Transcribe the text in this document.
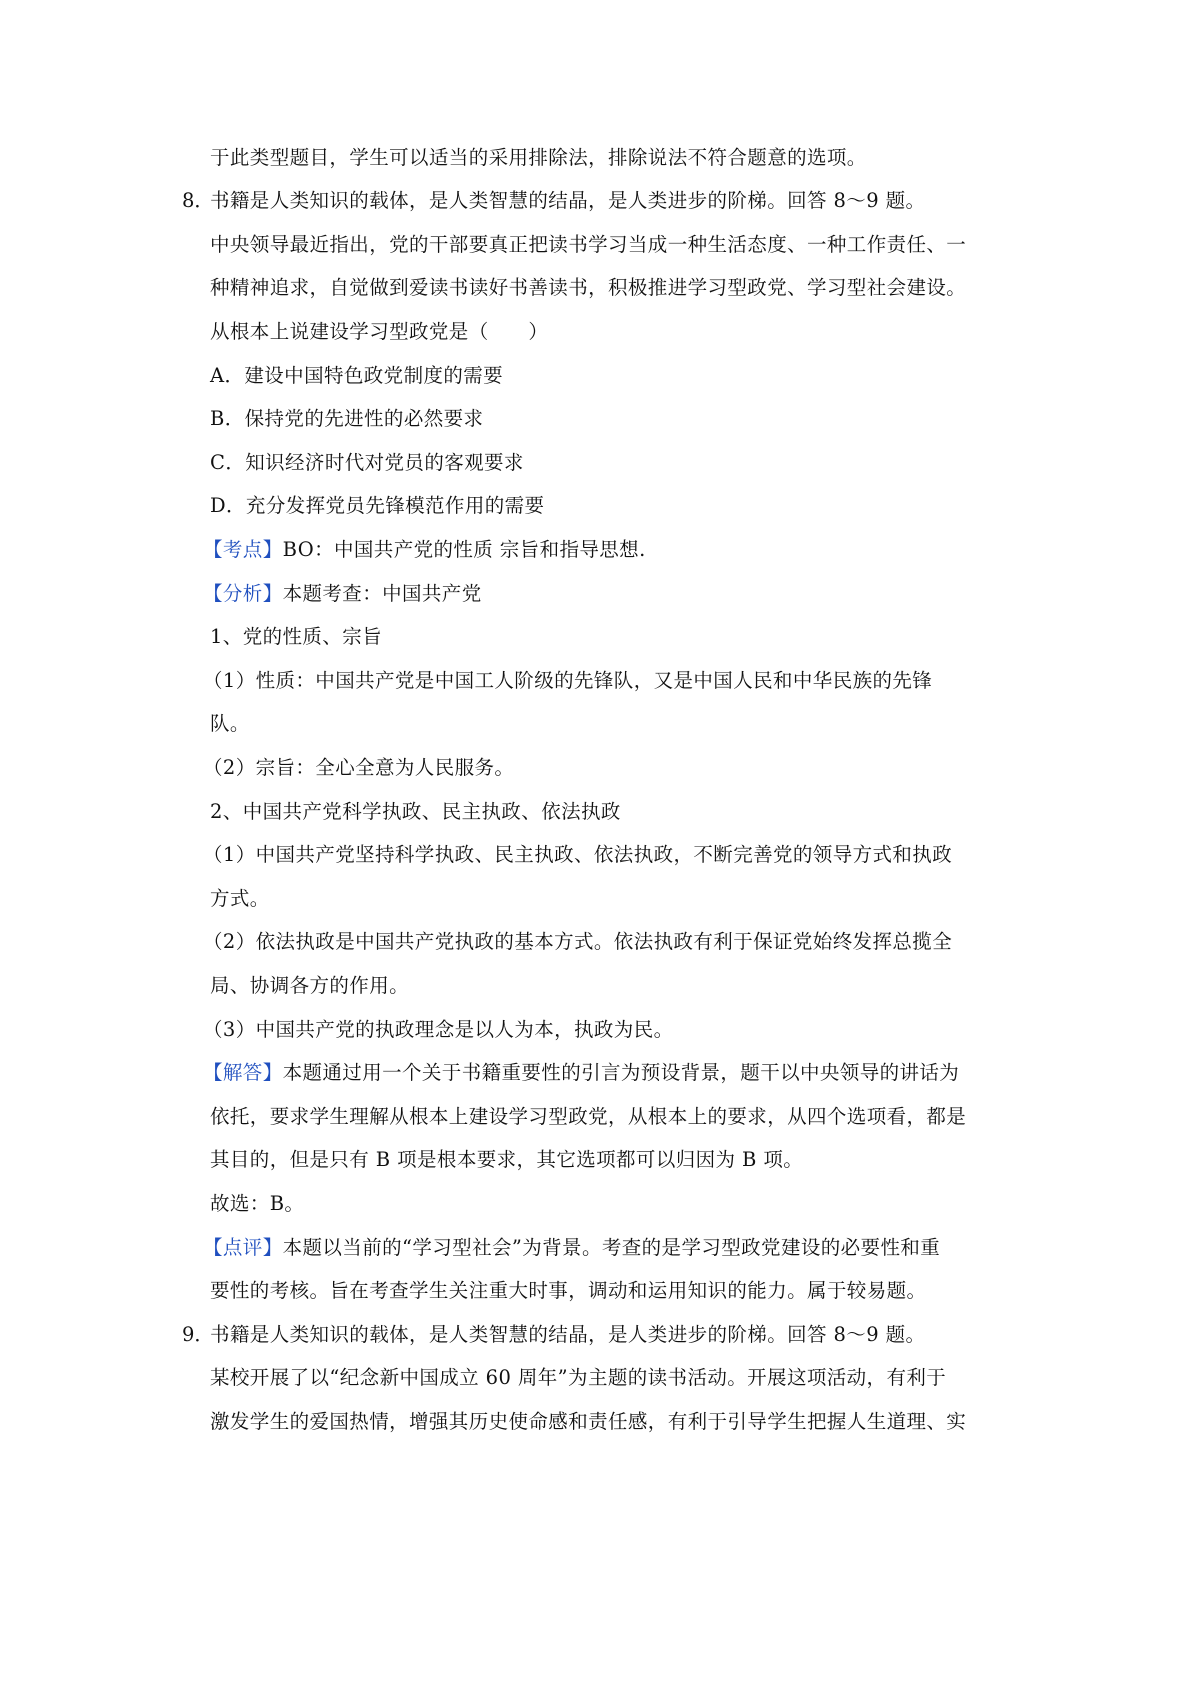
于此类型题目，学生可以适当的采用排除法，排除说法不符合题意的选项。
8．
书籍是人类知识的载体，是人类智慧的结晶，是人类进步的阶梯。回答 8～9 题。
中央领导最近指出，党的干部要真正把读书学习当成一种生活态度、一种工作责任、一
种精神追求，自觉做到爱读书读好书善读书，积极推进学习型政党、学习型社会建设。
从根本上说建设学习型政党是（　　）
A．建设中国特色政党制度的需要
B．保持党的先进性的必然要求
C．知识经济时代对党员的客观要求
D．充分发挥党员先锋模范作用的需要
【考点】BO：中国共产党的性质 宗旨和指导思想.
【分析】本题考查：中国共产党
1、党的性质、宗旨
（1）性质：中国共产党是中国工人阶级的先锋队，又是中国人民和中华民族的先锋
队。
（2）宗旨：全心全意为人民服务。
2、中国共产党科学执政、民主执政、依法执政
（1）中国共产党坚持科学执政、民主执政、依法执政，不断完善党的领导方式和执政
方式。
（2）依法执政是中国共产党执政的基本方式。依法执政有利于保证党始终发挥总揽全
局、协调各方的作用。
（3）中国共产党的执政理念是以人为本，执政为民。
【解答】本题通过用一个关于书籍重要性的引言为预设背景，题干以中央领导的讲话为
依托，要求学生理解从根本上建设学习型政党，从根本上的要求，从四个选项看，都是
其目的，但是只有 B 项是根本要求，其它选项都可以归因为 B 项。
故选：B。
【点评】本题以当前的“学习型社会”为背景。考查的是学习型政党建设的必要性和重
要性的考核。旨在考查学生关注重大时事，调动和运用知识的能力。属于较易题。
9．
书籍是人类知识的载体，是人类智慧的结晶，是人类进步的阶梯。回答 8～9 题。
某校开展了以“纪念新中国成立 60 周年”为主题的读书活动。开展这项活动，有利于
激发学生的爱国热情，增强其历史使命感和责任感，有利于引导学生把握人生道理、实
